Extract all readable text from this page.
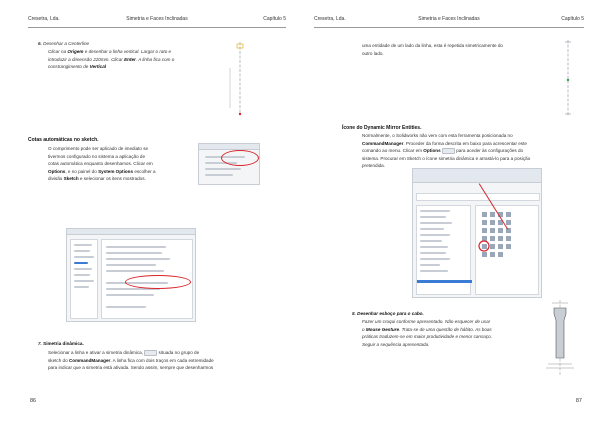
Cresetra, Lda.	Simetria e Faces Inclinadas	Capítulo 5
6. Desenhar a Centerline
Clicar na Origem e desenhar a linha vertical. Largar o rato e
introduzir a dimensão 220mm. Clicar Enter. A linha fica com o
constrangimento de Vertical
Cotas automáticas no sketch.
O comprimento pode ser aplicado de imediato se
tivermos configurado no sistema a aplicação de
cotas automática enquanto desenhamos. Clicar em
Options, e no painel do System Options escolher a
divisão Sketch e selecionar os itens mostrados.
7. Simetria dinâmica.
Selecionar a linha e ativar a simetria dinâmica,	situada no grupo de
sketch do CommandManager. A linha fica com dois traços em cada extremidade
para indicar que a simetria está ativada. Sendo assim, sempre que desenharmos
86
Cresetra, Lda.	Simetria e Faces Inclinadas	Capítulo 5
uma entidade de um lado da linha, esta é repetida simetricamente do
outro lado.
Ícone do Dynamic Mirror Entities.
Normalmente, o Solidworks não vem com esta ferramenta posicionada no
CommandManager. Proceder da forma descrita em baixo para acrescentar este
comando ao menu. Clicar em Options	para aceder às configurações do
sistema. Procurar em Sketch o ícone simetria dinâmica e arrastá-lo para a posição
pretendida.
8. Desenhar esboço para o cabo.
Fazer um croqui conforme apresentado. Não esquecer de usar
o Mouse Gesture. Trata-se de uma questão de hábito. As boas
práticas traduzem-se em maior produtividade e menor cansaço.
Seguir a sequência apresentada.
87
